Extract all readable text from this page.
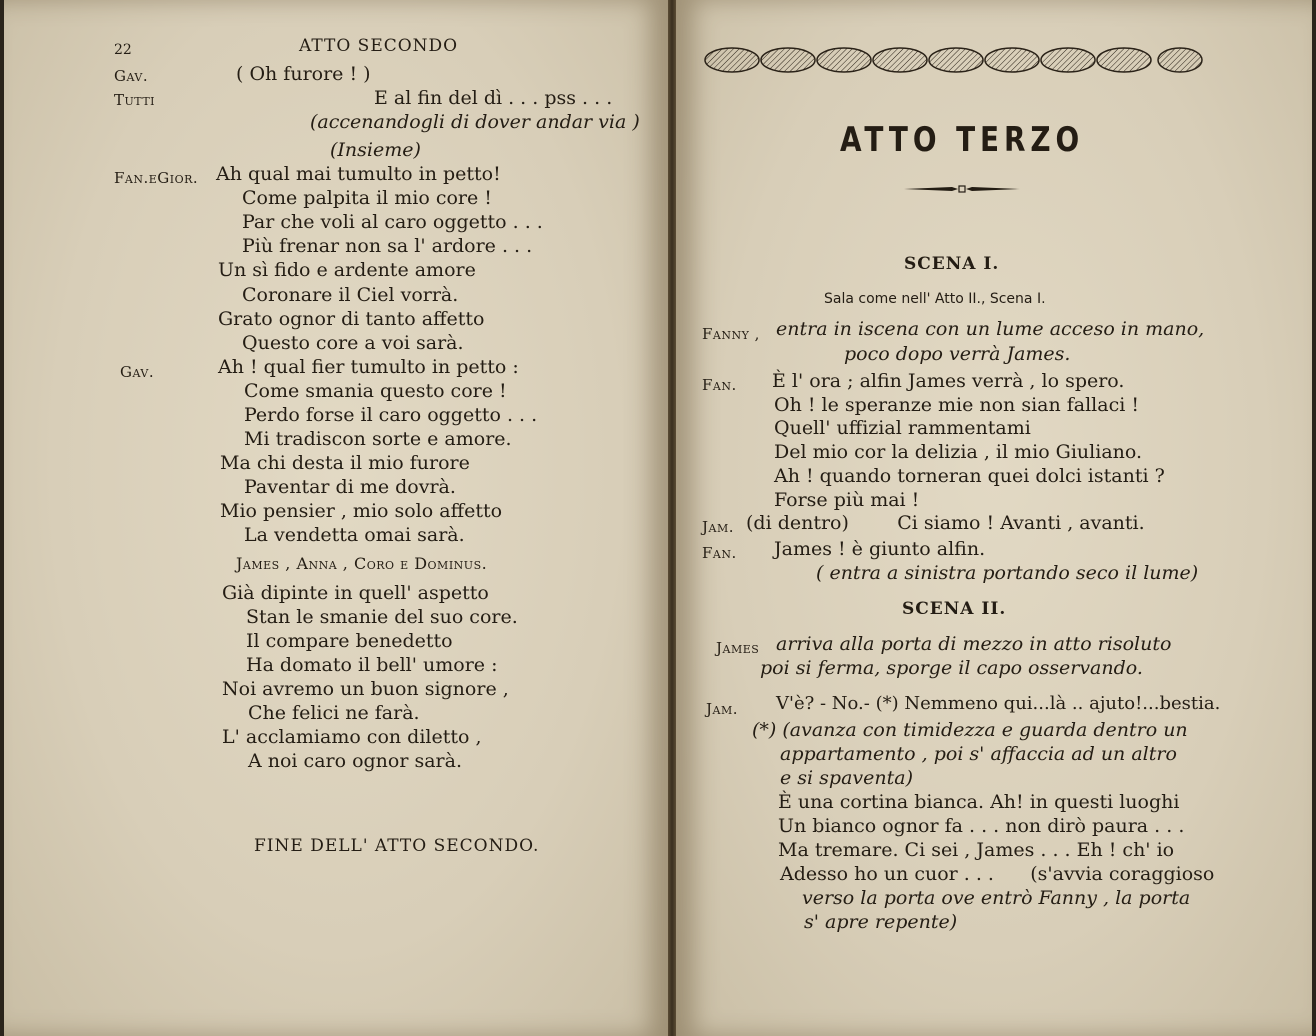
22	ATTO SECONDO
Gav.	( Oh furore ! )
Tutti	E al fin del dì . . . pss . . .
(accenandogli di dover andar via )
(Insieme)
Fan.eGior. Ah qual mai tumulto in petto!
Come palpita il mio core !
Par che voli al caro oggetto . . .
Più frenar non sa l' ardore . . .
Un sì fido e ardente amore
Coronare il Ciel vorrà.
Grato ognor di tanto affetto
Questo core a voi sarà.
Gav.	Ah ! qual fier tumulto in petto :
Come smania questo core !
Perdo forse il caro oggetto . . .
Mi tradiscon sorte e amore.
Ma chi desta il mio furore
Paventar di me dovrà.
Mio pensier , mio solo affetto
La vendetta omai sarà.
James , Anna , Coro e Dominus.
Già dipinte in quell' aspetto
Stan le smanie del suo core.
Il compare benedetto
Ha domato il bell' umore :
Noi avremo un buon signore ,
Che felici ne farà.
L' acclamiamo con diletto ,
A noi caro ognor sarà.
FINE DELL' ATTO SECONDO.
ATTO TERZO
SCENA I.
Sala come nell' Atto II., Scena I.
Fanny , entra in iscena con un lume acceso in mano,
poco dopo verrà James.
Fan. È l' ora ; alfin James verrà , lo spero.
Oh ! le speranze mie non sian fallaci !
Quell' uffizial rammentami
Del mio cor la delizia , il mio Giuliano.
Ah ! quando torneran quei dolci istanti ?
Forse più mai !
Jam. (di dentro)        Ci siamo ! Avanti , avanti.
Fan. James ! è giunto alfin.
( entra a sinistra portando seco il lume)
SCENA II.
James arriva alla porta di mezzo in atto risoluto
poi si ferma, sporge il capo osservando.
Jam. V'è? - No.- (*) Nemmeno qui...là .. ajuto!...bestia.
(*) (avanza con timidezza e guarda dentro un
appartamento , poi s' affaccia ad un altro
e si spaventa)
È una cortina bianca. Ah! in questi luoghi
Un bianco ognor fa . . . non dirò paura . . .
Ma tremare. Ci sei , James . . . Eh ! ch' io
Adesso ho un cuor . . .      (s'avvia coraggioso
verso la porta ove entrò Fanny , la porta
s' apre repente)
